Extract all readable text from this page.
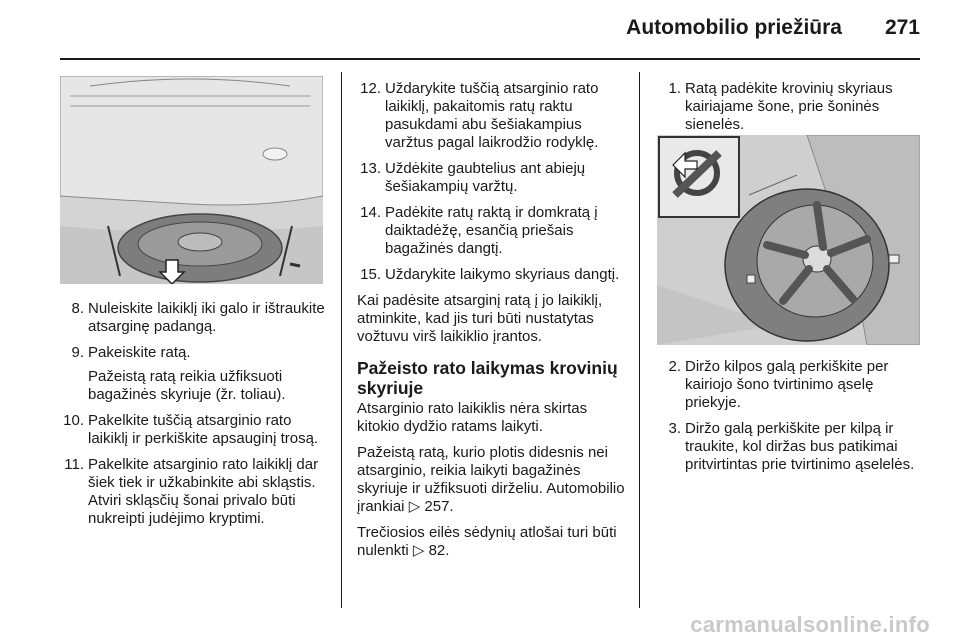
Automobilio priežiūra 271
8. Nuleiskite laikiklį iki galo ir ištraukite atsarginę padangą.
9. Pakeiskite ratą.
Pažeistą ratą reikia užfiksuoti bagažinės skyriuje (žr. toliau).
10. Pakelkite tuščią atsarginio rato laikiklį ir perkiškite apsauginį trosą.
11. Pakelkite atsarginio rato laikiklį dar šiek tiek ir užkabinkite abi skląstis. Atviri skląsčių šonai privalo būti nukreipti judėjimo kryptimi.
12. Uždarykite tuščią atsarginio rato laikiklį, pakaitomis ratų raktu pasukdami abu šešiakampius varžtus pagal laikrodžio rodyklę.
13. Uždėkite gaubtelius ant abiejų šešiakampių varžtų.
14. Padėkite ratų raktą ir domkratą į daiktadėžę, esančią priešais bagažinės dangtį.
15. Uždarykite laikymo skyriaus dangtį.

Kai padėsite atsarginį ratą į jo laikiklį, atminkite, kad jis turi būti nustatytas vožtuvu virš laikiklio įrantos.

Pažeisto rato laikymas krovinių skyriuje

Atsarginio rato laikiklis nėra skirtas kitokio dydžio ratams laikyti.

Pažeistą ratą, kurio plotis didesnis nei atsarginio, reikia laikyti bagažinės skyriuje ir užfiksuoti dirželiu. Automobilio įrankiai ▷ 257.

Trečiosios eilės sėdynių atlošai turi būti nulenkti ▷ 82.

1. Ratą padėkite krovinių skyriaus kairiajame šone, prie šoninės sienelės.
2. Diržo kilpos galą perkiškite per kairiojo šono tvirtinimo ąselę priekyje.
3. Diržo galą perkiškite per kilpą ir traukite, kol diržas bus patikimai pritvirtintas prie tvirtinimo ąselelės.
carmanualsonline.info
